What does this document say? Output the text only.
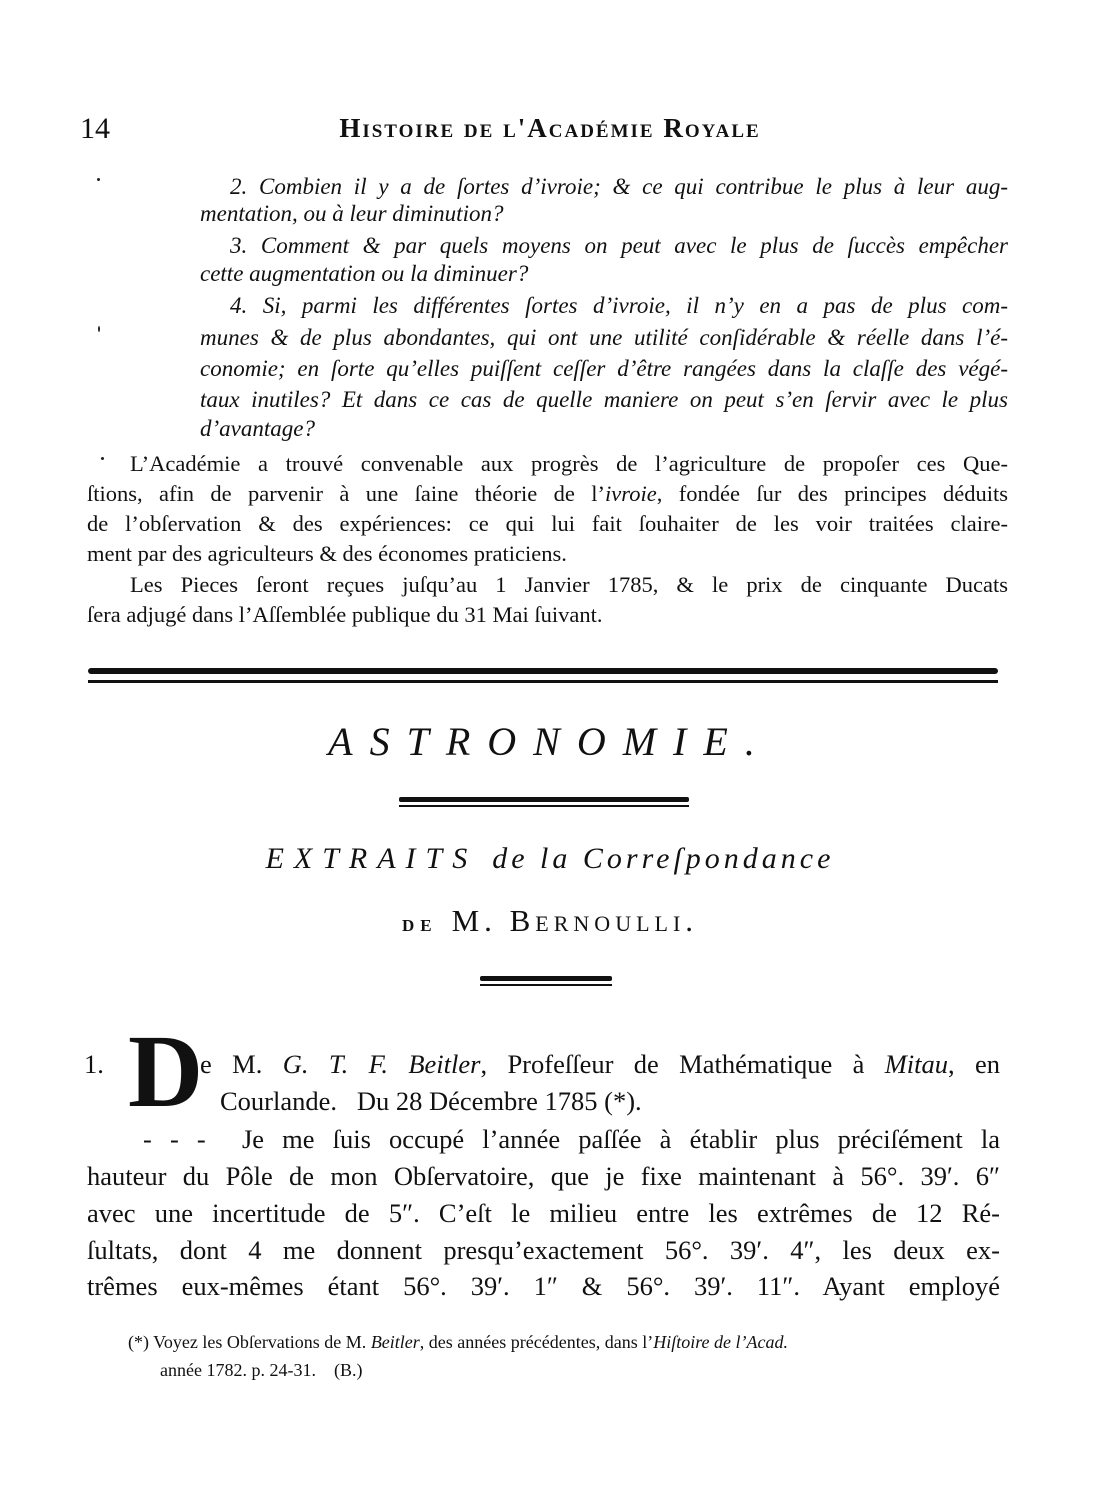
14	Histoire de l'Académie Royale
2. Combien il y a de ſortes d’ivroie; & ce qui contribue le plus à leur aug-
mentation, ou à leur diminution?
3. Comment & par quels moyens on peut avec le plus de ſuccès empêcher
cette augmentation ou la diminuer?
4. Si, parmi les différentes ſortes d’ivroie, il n’y en a pas de plus com-
munes & de plus abondantes, qui ont une utilité conſidérable & réelle dans l’é-
conomie; en ſorte qu’elles puiſſent ceſſer d’être rangées dans la claſſe des végé-
taux inutiles? Et dans ce cas de quelle maniere on peut s’en ſervir avec le plus
d’avantage?
L’Académie a trouvé convenable aux progrès de l’agriculture de propoſer ces Que-
ſtions, afin de parvenir à une ſaine théorie de l’ivroie, fondée ſur des principes déduits
de l’obſervation & des expériences: ce qui lui fait ſouhaiter de les voir traitées claire-
ment par des agriculteurs & des économes praticiens.
Les Pieces ſeront reçues juſqu’au 1 Janvier 1785, & le prix de cinquante Ducats
ſera adjugé dans l’Aſſemblée publique du 31 Mai ſuivant.
ASTRONOMIE.
EXTRAITS de la Correſpondance
de M. Bernoulli.
1. D
e M. G. T. F. Beitler, Profeſſeur de Mathématique à Mitau, en
Courlande.   Du 28 Décembre 1785 (*).
- - -  Je me ſuis occupé l’année paſſée à établir plus préciſément la
hauteur du Pôle de mon Obſervatoire, que je fixe maintenant à 56°. 39′. 6″
avec une incertitude de 5″. C’eſt le milieu entre les extrêmes de 12 Ré-
ſultats, dont 4 me donnent presqu’exactement 56°. 39′. 4″, les deux ex-
trêmes eux-mêmes étant 56°. 39′. 1″ & 56°. 39′. 11″. Ayant employé
(*) Voyez les Obſervations de M. Beitler, des années précédentes, dans l’Hiſtoire de l’Acad.
année 1782. p. 24-31.    (B.)
